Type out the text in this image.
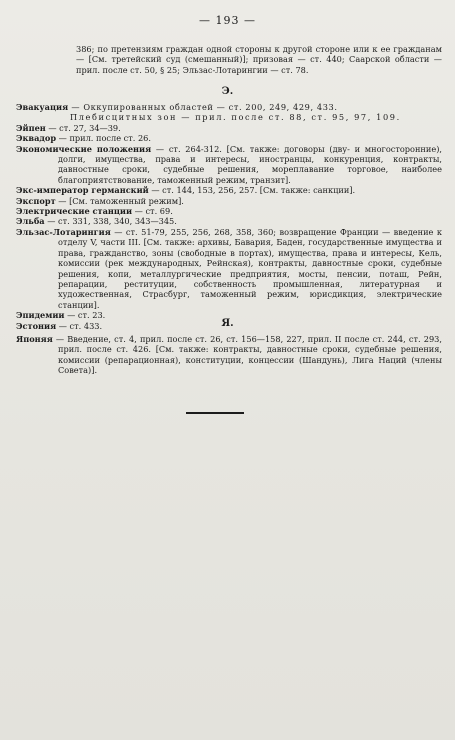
— 193 —
386; по претензиям граждан одной стороны к другой стороне или к ее гражданам — [См. третейский суд (смешанный)]; призовая — ст. 440; Саарской области — прил. после ст. 50, § 25; Эльзас-Лотарингии — ст. 78.
Э.

Эвакуация — Оккупированных областей — ст. 200, 249, 429, 433.

Плебисцитных зон — прил. после ст. 88, ст. 95, 97, 109.

Эйпен — ст. 27, 34—39.

Эквадор — прил. после ст. 26.

Экономические положения — ст. 264-312. [См. также: договоры (дву- и многосторонние), долги, имущества, права и интересы, иностранцы, конкуренция, контракты, давностные сроки, судебные решения, мореплавание торговое, наиболее благоприятствование, таможенный режим, транзит].

Экс-император германский — ст. 144, 153, 256, 257. [См. также: санкции].

Экспорт — [См. таможенный режим].

Электрические станции — ст. 69.

Эльба — ст. 331, 338, 340, 343—345.

Эльзас-Лотарингия — ст. 51-79, 255, 256, 268, 358, 360; возвращение Франции — введение к отделу V, части III. [См. также: архивы, Бавария, Баден, государственные имущества и права, гражданство, зоны (свободные в портах), имущества, права и интересы, Кель, комиссии (рек международных, Рейнская), контракты, давностные сроки, судебные решения, копи, металлургические предприятия, мосты, пенсии, поташ, Рейн, репарации, реституции, собственность промышленная, литературная и художественная, Страсбург, таможенный режим, юрисдикция, электрические станции].

Эпидемии — ст. 23.

Эстония — ст. 433.	Я.

Японяя — Введение, ст. 4, прил. после ст. 26, ст. 156—158, 227, прил. II после ст. 244, ст. 293, прил. после ст. 426. [См. также: контракты, давностные сроки, судебные решения, комиссии (репарационная), конституции, концессии (Шандунь), Лига Наций (члены Совета)].
